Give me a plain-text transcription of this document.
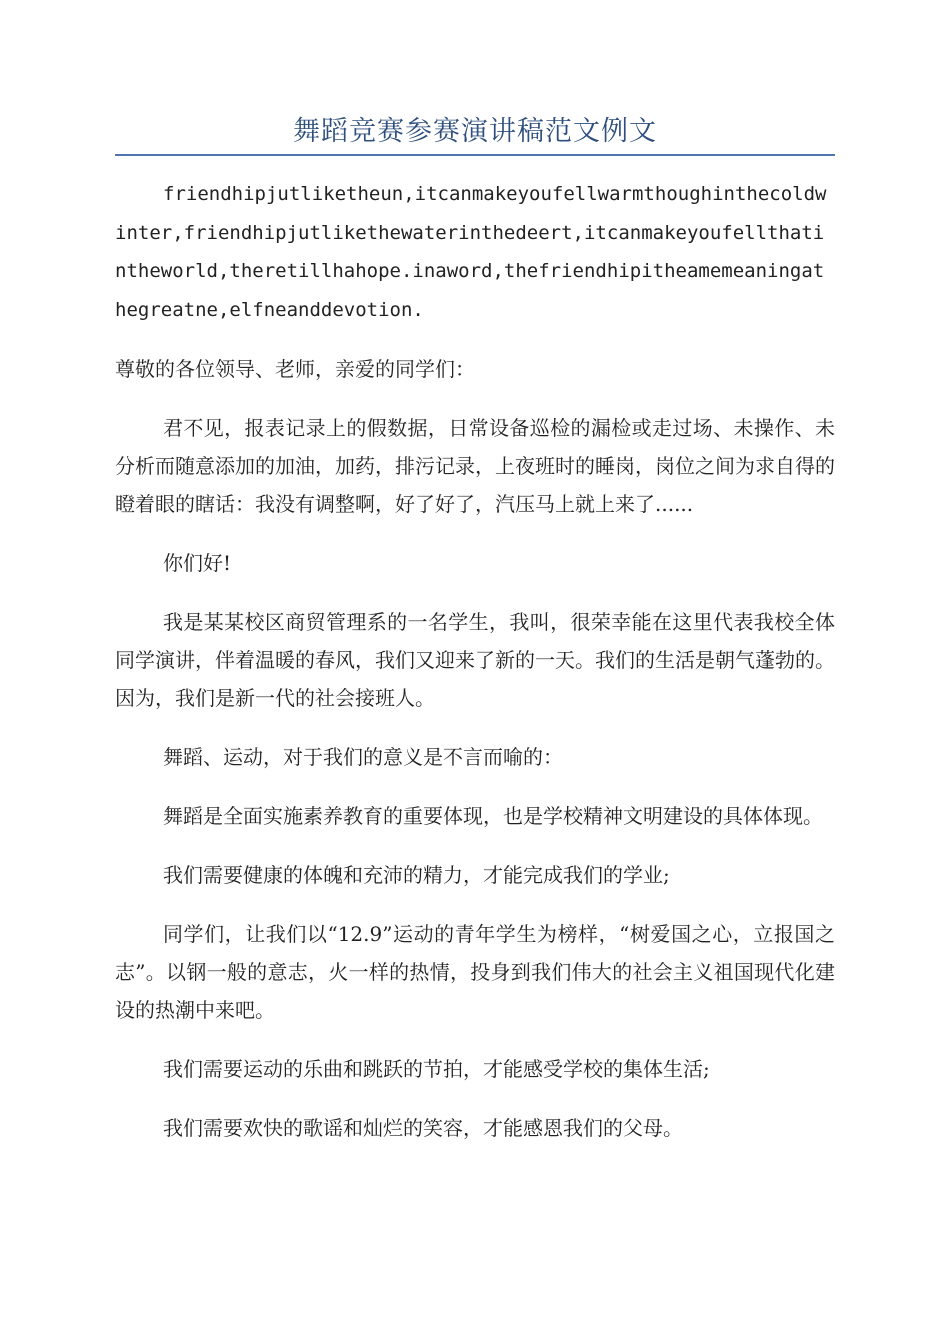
舞蹈竞赛参赛演讲稿范文例文

friendhipjutliketheun,itcanmakeyoufellwarmthoughinthecoldwinter,friendhipjutlikethewaterinthedeert,itcanmakeyoufellthatintheworld,theretillhahope.inaword,thefriendhipitheamemeaningathegreatne,elfneanddevotion.

尊敬的各位领导、老师，亲爱的同学们：

君不见，报表记录上的假数据，日常设备巡检的漏检或走过场、未操作、未分析而随意添加的加油，加药，排污记录，上夜班时的睡岗，岗位之间为求自得的瞪着眼的瞎话：我没有调整啊，好了好了，汽压马上就上来了......

你们好!

我是某某校区商贸管理系的一名学生，我叫，很荣幸能在这里代表我校全体同学演讲，伴着温暖的春风，我们又迎来了新的一天。我们的生活是朝气蓬勃的。因为，我们是新一代的社会接班人。

舞蹈、运动，对于我们的意义是不言而喻的：

舞蹈是全面实施素养教育的重要体现，也是学校精神文明建设的具体体现。

我们需要健康的体魄和充沛的精力，才能完成我们的学业;

同学们，让我们以“12.9”运动的青年学生为榜样，“树爱国之心，立报国之志”。以钢一般的意志，火一样的热情，投身到我们伟大的社会主义祖国现代化建设的热潮中来吧。

我们需要运动的乐曲和跳跃的节拍，才能感受学校的集体生活;

我们需要欢快的歌谣和灿烂的笑容，才能感恩我们的父母。
